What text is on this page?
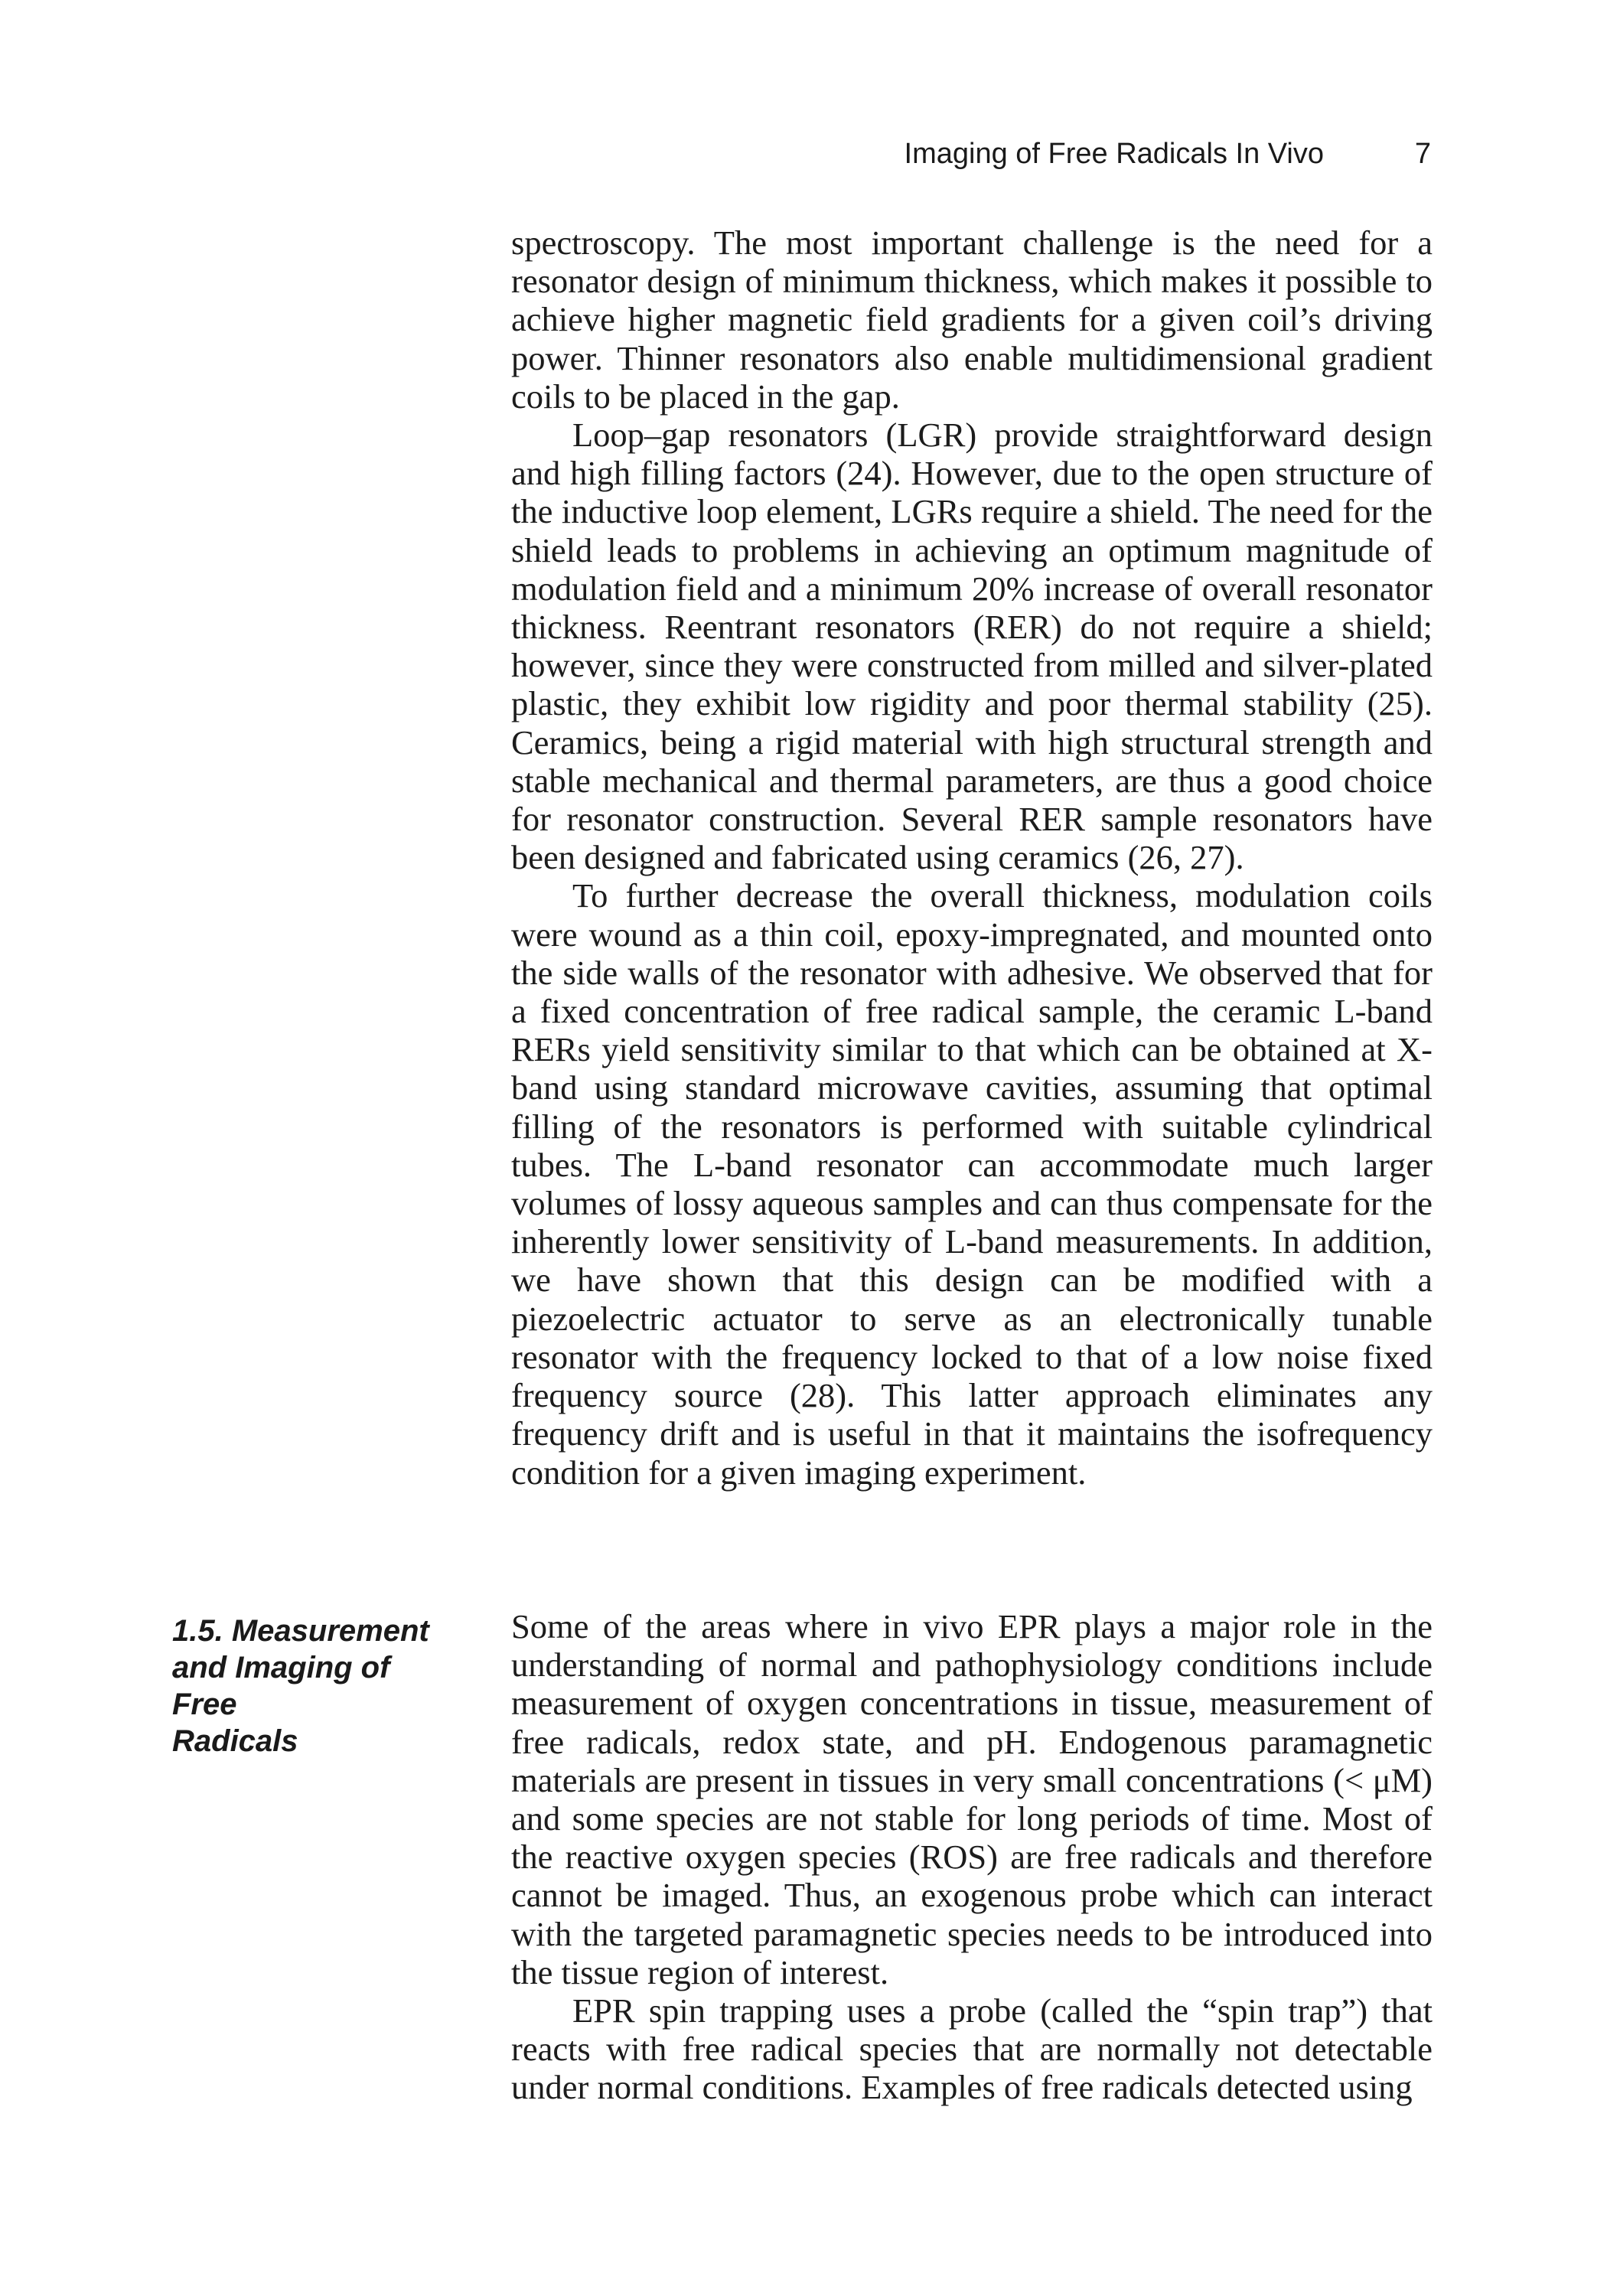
Imaging of Free Radicals In Vivo	7

spectroscopy. The most important challenge is the need for a resonator design of minimum thickness, which makes it possible to achieve higher magnetic field gradients for a given coil’s driving power. Thinner resonators also enable multidimensional gradient coils to be placed in the gap.

Loop–gap resonators (LGR) provide straightforward design and high filling factors (24). However, due to the open structure of the inductive loop element, LGRs require a shield. The need for the shield leads to problems in achieving an optimum magnitude of modulation field and a minimum 20% increase of overall resonator thickness. Reentrant resonators (RER) do not require a shield; however, since they were constructed from milled and silver-plated plastic, they exhibit low rigidity and poor thermal stability (25). Ceramics, being a rigid material with high structural strength and stable mechanical and thermal parameters, are thus a good choice for resonator construction. Several RER sample resonators have been designed and fabricated using ceramics (26, 27).

To further decrease the overall thickness, modulation coils were wound as a thin coil, epoxy-impregnated, and mounted onto the side walls of the resonator with adhesive. We observed that for a fixed concentration of free radical sample, the ceramic L-band RERs yield sensitivity similar to that which can be obtained at X-band using standard microwave cavities, assuming that optimal filling of the resonators is performed with suitable cylindrical tubes. The L-band resonator can accommodate much larger volumes of lossy aqueous samples and can thus compensate for the inherently lower sensitivity of L-band measurements. In addition, we have shown that this design can be modified with a piezoelectric actuator to serve as an electronically tunable resonator with the frequency locked to that of a low noise fixed frequency source (28). This latter approach eliminates any frequency drift and is useful in that it maintains the isofrequency condition for a given imaging experiment.

1.5. Measurement
and Imaging of Free
Radicals

Some of the areas where in vivo EPR plays a major role in the understanding of normal and pathophysiology conditions include measurement of oxygen concentrations in tissue, measurement of free radicals, redox state, and pH. Endogenous paramagnetic materials are present in tissues in very small concentrations (< μM) and some species are not stable for long periods of time. Most of the reactive oxygen species (ROS) are free radicals and therefore cannot be imaged. Thus, an exogenous probe which can interact with the targeted paramagnetic species needs to be introduced into the tissue region of interest.

EPR spin trapping uses a probe (called the “spin trap”) that reacts with free radical species that are normally not detectable under normal conditions. Examples of free radicals detected using
